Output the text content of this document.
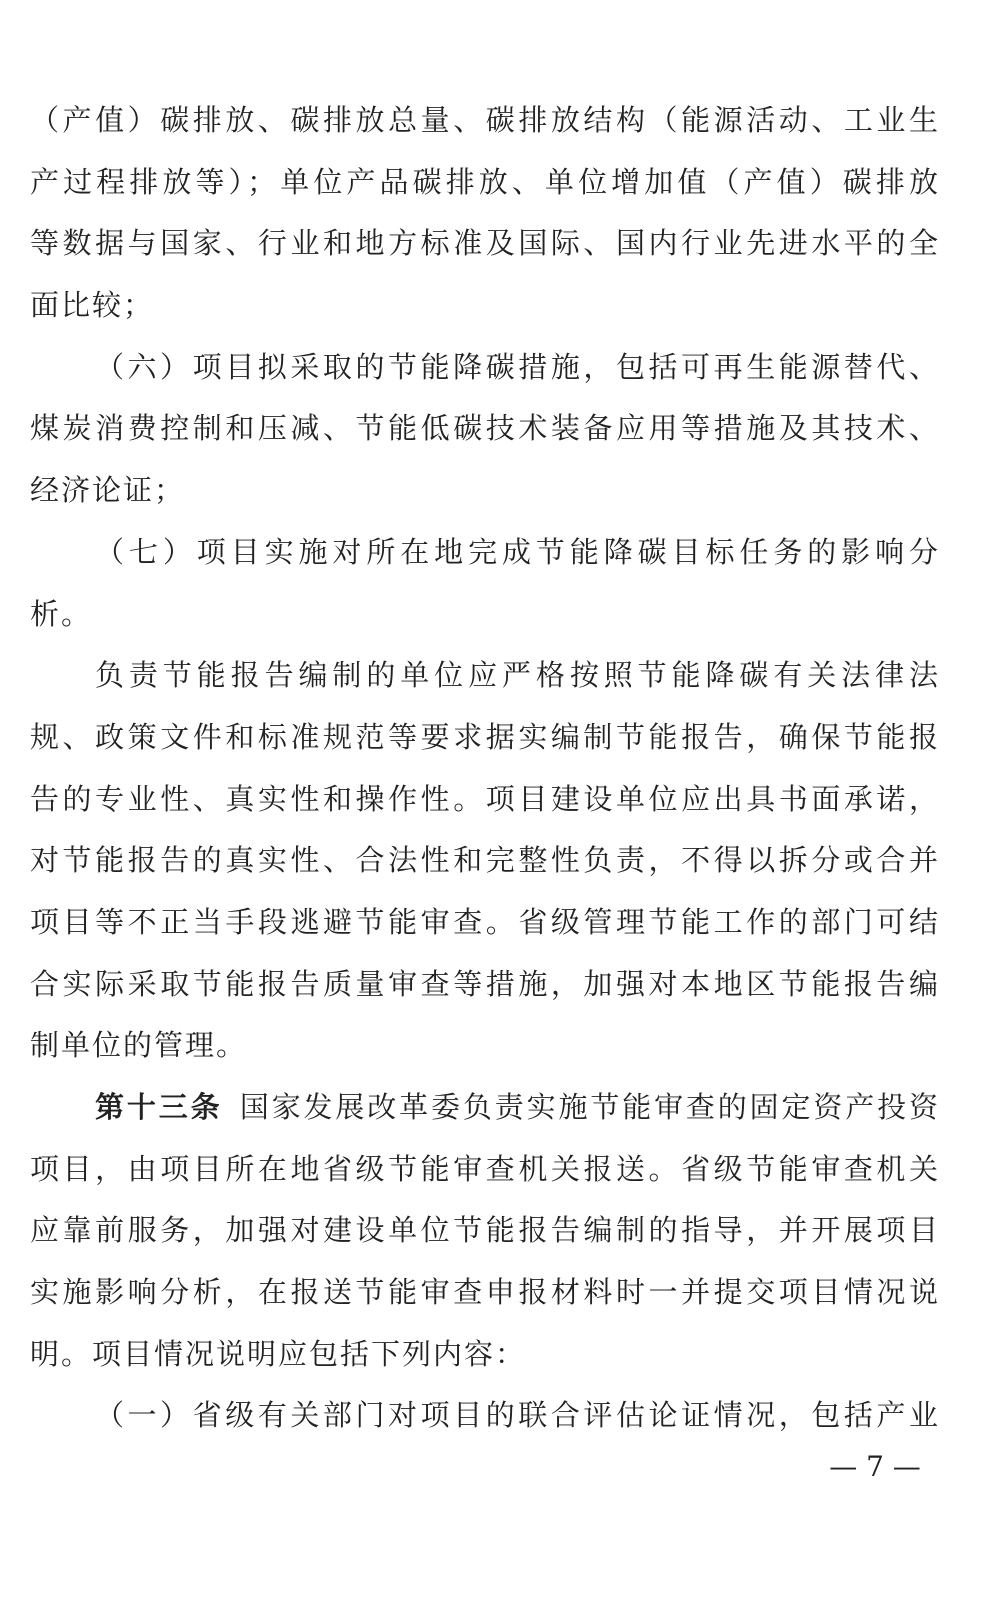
（产值）碳排放、碳排放总量、碳排放结构（能源活动、工业生
产过程排放等）；单位产品碳排放、单位增加值（产值）碳排放
等数据与国家、行业和地方标准及国际、国内行业先进水平的全
面比较；
（六）项目拟采取的节能降碳措施，包括可再生能源替代、
煤炭消费控制和压减、节能低碳技术装备应用等措施及其技术、
经济论证；
（七）项目实施对所在地完成节能降碳目标任务的影响分
析。
负责节能报告编制的单位应严格按照节能降碳有关法律法
规、政策文件和标准规范等要求据实编制节能报告，确保节能报
告的专业性、真实性和操作性。项目建设单位应出具书面承诺，
对节能报告的真实性、合法性和完整性负责，不得以拆分或合并
项目等不正当手段逃避节能审查。省级管理节能工作的部门可结
合实际采取节能报告质量审查等措施，加强对本地区节能报告编
制单位的管理。
第十三条  国家发展改革委负责实施节能审查的固定资产投资
项目，由项目所在地省级节能审查机关报送。省级节能审查机关
应靠前服务，加强对建设单位节能报告编制的指导，并开展项目
实施影响分析，在报送节能审查申报材料时一并提交项目情况说
明。项目情况说明应包括下列内容：
（一）省级有关部门对项目的联合评估论证情况，包括产业
— 7 —
